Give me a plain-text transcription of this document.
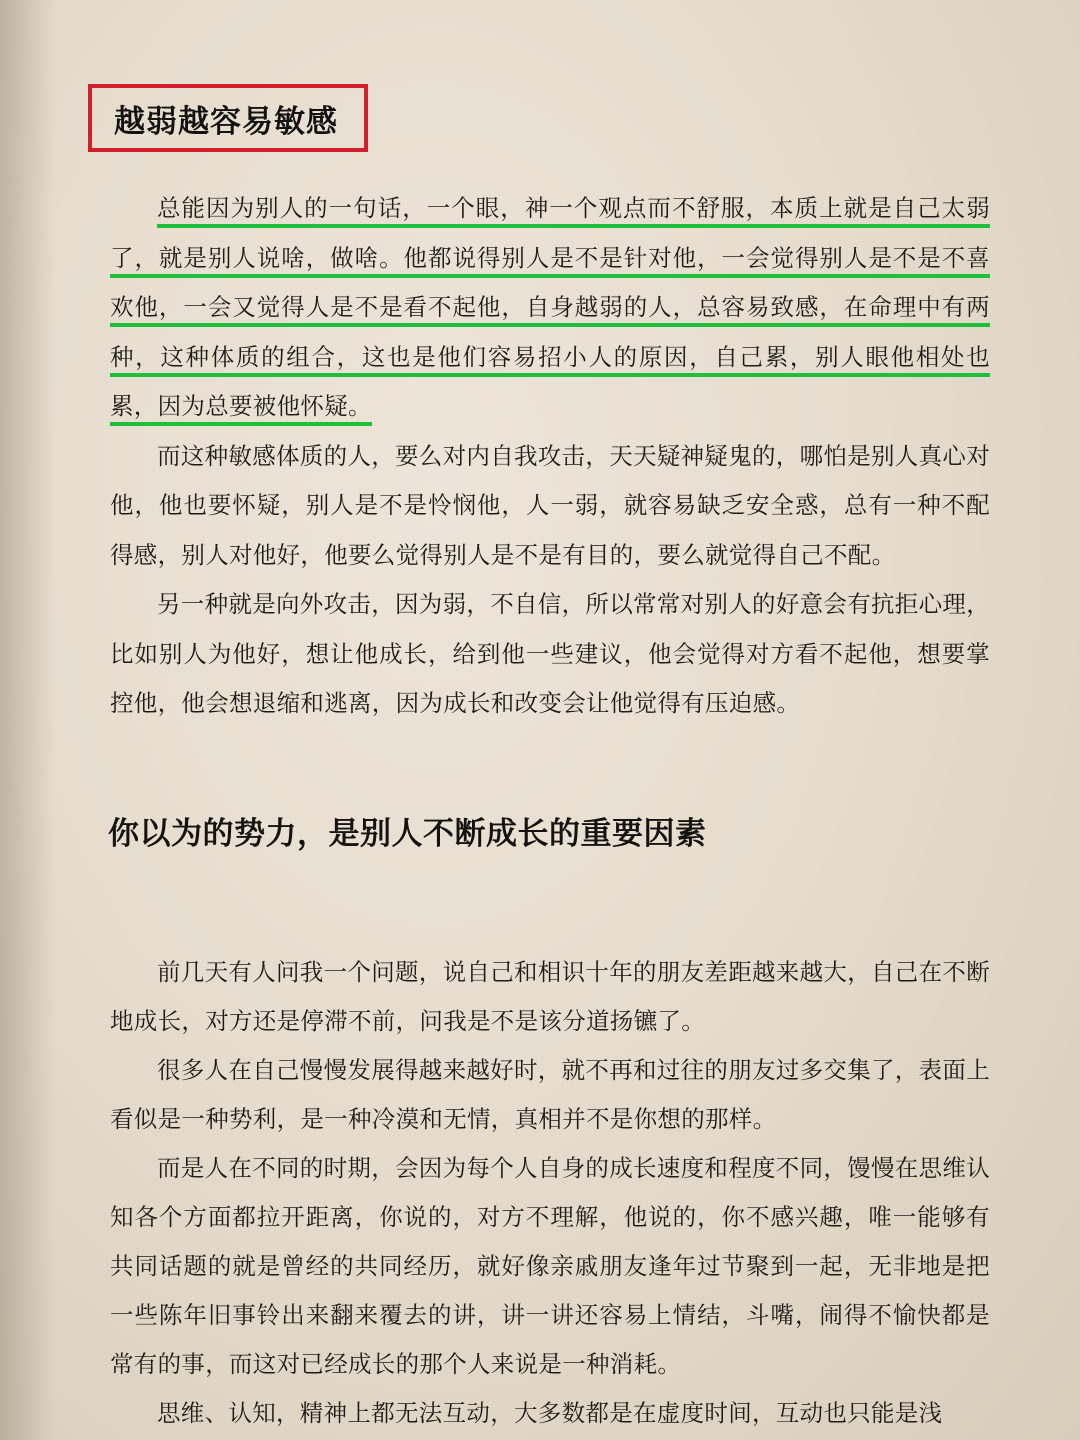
越弱越容易敏感

总能因为别人的一句话，一个眼，神一个观点而不舒服，本质上就是自己太弱了，就是别人说啥，做啥。他都说得别人是不是针对他，一会觉得别人是不是不喜欢他，一会又觉得人是不是看不起他，自身越弱的人，总容易致感，在命理中有两种，这种体质的组合，这也是他们容易招小人的原因，自己累，别人眼他相处也累，因为总要被他怀疑。

而这种敏感体质的人，要么对内自我攻击，天天疑神疑鬼的，哪怕是别人真心对他，他也要怀疑，别人是不是怜悯他，人一弱，就容易缺乏安全惑，总有一种不配得感，别人对他好，他要么觉得别人是不是有目的，要么就觉得自己不配。

另一种就是向外攻击，因为弱，不自信，所以常常对别人的好意会有抗拒心理，比如别人为他好，想让他成长，给到他一些建议，他会觉得对方看不起他，想要掌控他，他会想退缩和逃离，因为成长和改变会让他觉得有压迫感。

你以为的势力，是别人不断成长的重要因素

前几天有人问我一个问题，说自己和相识十年的朋友差距越来越大，自己在不断地成长，对方还是停滞不前，问我是不是该分道扬镳了。

很多人在自己慢慢发展得越来越好时，就不再和过往的朋友过多交集了，表面上看似是一种势利，是一种冷漠和无情，真相并不是你想的那样。

而是人在不同的时期，会因为每个人自身的成长速度和程度不同，馒慢在思维认知各个方面都拉开距离，你说的，对方不理解，他说的，你不感兴趣，唯一能够有共同话题的就是曾经的共同经历，就好像亲戚朋友逢年过节聚到一起，无非地是把一些陈年旧事铃出来翻来覆去的讲，讲一讲还容易上情结，斗嘴，闹得不愉快都是常有的事，而这对已经成长的那个人来说是一种消耗。

思维、认知，精神上都无法互动，大多数都是在虚度时间，互动也只能是浅
